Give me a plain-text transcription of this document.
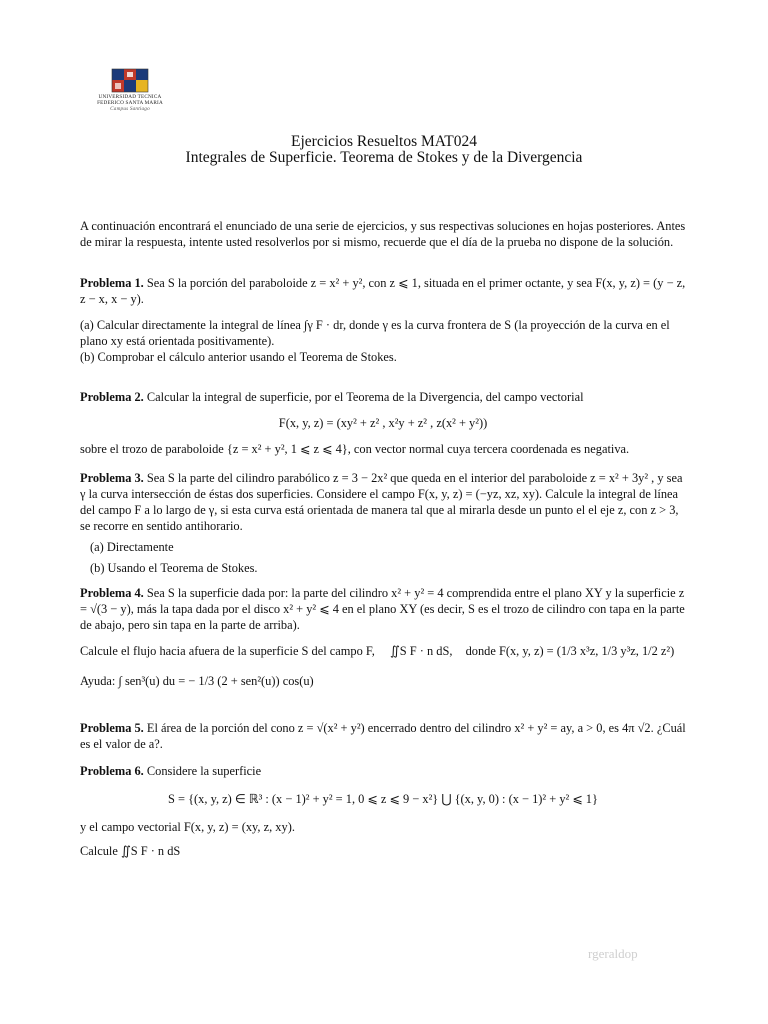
UNIVERSIDAD TECNICA
FEDERICO SANTA MARIA
Campus Santiago
Ejercicios Resueltos MAT024
Integrales de Superficie. Teorema de Stokes y de la Divergencia

A continuación encontrará el enunciado de una serie de ejercicios, y sus respectivas soluciones en hojas posteriores. Antes de mirar la respuesta, intente usted resolverlos por si mismo, recuerde que el día de la prueba no dispone de la solución.

Problema 1. Sea S la porción del paraboloide z = x² + y², con z ⩽ 1, situada en el primer octante, y sea F(x, y, z) = (y − z, z − x, x − y).

(a) Calcular directamente la integral de línea ∫γ F · dr, donde γ es la curva frontera de S (la proyección de la curva en el plano xy está orientada positivamente).

(b) Comprobar el cálculo anterior usando el Teorema de Stokes.

Problema 2. Calcular la integral de superficie, por el Teorema de la Divergencia, del campo vectorial

F(x, y, z) = (xy² + z² , x²y + z² , z(x² + y²))

sobre el trozo de paraboloide {z = x² + y², 1 ⩽ z ⩽ 4}, con vector normal cuya tercera coordenada es negativa.

Problema 3. Sea S la parte del cilindro parabólico z = 3 − 2x² que queda en el interior del paraboloide z = x² + 3y² , y sea γ la curva intersección de éstas dos superficies. Considere el campo F(x, y, z) = (−yz, xz, xy). Calcule la integral de línea del campo F a lo largo de γ, si esta curva está orientada de manera tal que al mirarla desde un punto el el eje z, con z > 3, se recorre en sentido antihorario.

(a) Directamente

(b) Usando el Teorema de Stokes.

Problema 4. Sea S la superficie dada por: la parte del cilindro x² + y² = 4 comprendida entre el plano XY y la superficie z = √(3 − y), más la tapa dada por el disco x² + y² ⩽ 4 en el plano XY (es decir, S es el trozo de cilindro con tapa en la parte de abajo, pero sin tapa en la parte de arriba).

Calcule el flujo hacia afuera de la superficie S del campo F, ∬S F · n dS, donde F(x, y, z) = (1/3 x³z, 1/3 y³z, 1/2 z²)

Ayuda: ∫ sen³(u) du = − 1/3 (2 + sen²(u)) cos(u)

Problema 5. El área de la porción del cono z = √(x² + y²) encerrado dentro del cilindro x² + y² = ay, a > 0, es 4π √2. ¿Cuál es el valor de a?.

Problema 6. Considere la superficie

S = {(x, y, z) ∈ ℝ³ : (x − 1)² + y² = 1, 0 ⩽ z ⩽ 9 − x²} ⋃ {(x, y, 0) : (x − 1)² + y² ⩽ 1}

y el campo vectorial F(x, y, z) = (xy, z, xy).

Calcule ∬S F · n dS

rgeraldop
